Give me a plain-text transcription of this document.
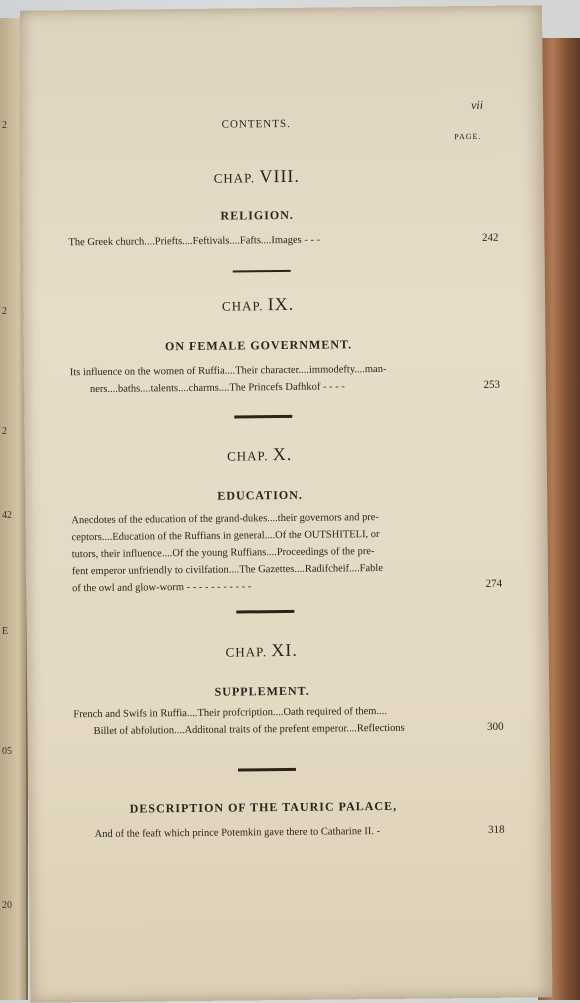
2
2
2
42
E
05
20
vii
CONTENTS.
PAGE.
CHAP. VIII.
RELIGION.
The Greek church....Priefts....Feftivals....Fafts....Images - - -	242
CHAP. IX.
ON FEMALE GOVERNMENT.
Its influence on the women of Ruffia....Their character....immodefty....man-
ners....baths....talents....charms....The Princefs Dafhkof - - - -	253
CHAP. X.
EDUCATION.
Anecdotes of the education of the grand-dukes....their governors and pre-
ceptors....Education of the Ruffians in general....Of the OUTSHITELI, or
tutors, their influence....Of the young Ruffians....Proceedings of the pre-
fent emperor unfriendly to civilfation....The Gazettes....Radifcheif....Fable
of the owl and glow-worm - - - - - - - - - - -	274
CHAP. XI.
SUPPLEMENT.
French and Swifs in Ruffia....Their profcription....Oath required of them....
Billet of abfolution....Additonal traits of the prefent emperor....Reflections	300
DESCRIPTION OF THE TAURIC PALACE,
And of the feaft which prince Potemkin gave there to Catharine II. -	318
